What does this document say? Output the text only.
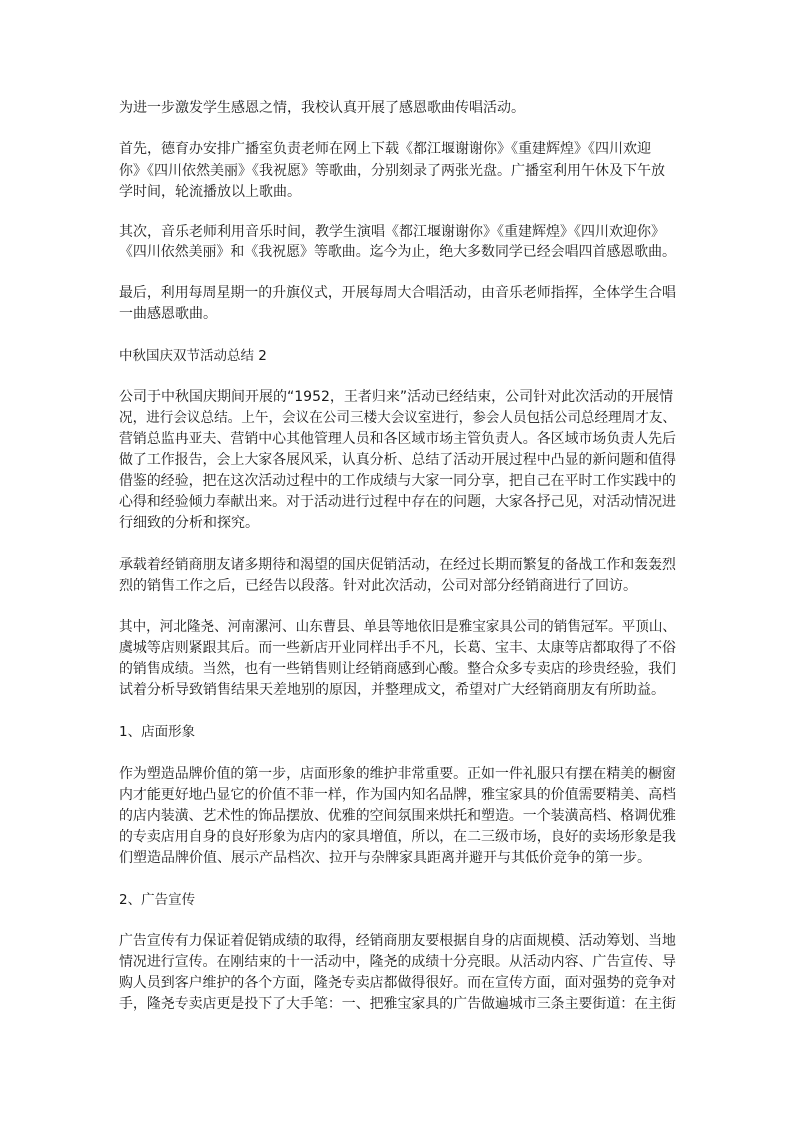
为进一步激发学生感恩之情，我校认真开展了感恩歌曲传唱活动。
首先，德育办安排广播室负责老师在网上下载《都江堰谢谢你》《重建辉煌》《四川欢迎
你》《四川依然美丽》《我祝愿》等歌曲，分别刻录了两张光盘。广播室利用午休及下午放
学时间，轮流播放以上歌曲。
其次，音乐老师利用音乐时间，教学生演唱《都江堰谢谢你》《重建辉煌》《四川欢迎你》
《四川依然美丽》和《我祝愿》等歌曲。迄今为止，绝大多数同学已经会唱四首感恩歌曲。
最后，利用每周星期一的升旗仪式，开展每周大合唱活动，由音乐老师指挥，全体学生合唱
一曲感恩歌曲。
中秋国庆双节活动总结 2
公司于中秋国庆期间开展的“1952，王者归来”活动已经结束，公司针对此次活动的开展情
况，进行会议总结。上午，会议在公司三楼大会议室进行，参会人员包括公司总经理周才友、
营销总监冉亚夫、营销中心其他管理人员和各区域市场主管负责人。各区域市场负责人先后
做了工作报告，会上大家各展风采，认真分析、总结了活动开展过程中凸显的新问题和值得
借鉴的经验，把在这次活动过程中的工作成绩与大家一同分享，把自己在平时工作实践中的
心得和经验倾力奉献出来。对于活动进行过程中存在的问题，大家各抒己见，对活动情况进
行细致的分析和探究。
承载着经销商朋友诸多期待和渴望的国庆促销活动，在经过长期而繁复的备战工作和轰轰烈
烈的销售工作之后，已经告以段落。针对此次活动，公司对部分经销商进行了回访。
其中，河北隆尧、河南漯河、山东曹县、单县等地依旧是雅宝家具公司的销售冠军。平顶山、
虞城等店则紧跟其后。而一些新店开业同样出手不凡，长葛、宝丰、太康等店都取得了不俗
的销售成绩。当然，也有一些销售则让经销商感到心酸。整合众多专卖店的珍贵经验，我们
试着分析导致销售结果天差地别的原因，并整理成文，希望对广大经销商朋友有所助益。
1、店面形象
作为塑造品牌价值的第一步，店面形象的维护非常重要。正如一件礼服只有摆在精美的橱窗
内才能更好地凸显它的价值不菲一样，作为国内知名品牌，雅宝家具的价值需要精美、高档
的店内装潢、艺术性的饰品摆放、优雅的空间氛围来烘托和塑造。一个装潢高档、格调优雅
的专卖店用自身的良好形象为店内的家具增值，所以，在二三级市场，良好的卖场形象是我
们塑造品牌价值、展示产品档次、拉开与杂牌家具距离并避开与其低价竞争的第一步。
2、广告宣传
广告宣传有力保证着促销成绩的取得，经销商朋友要根据自身的店面规模、活动筹划、当地
情况进行宣传。在刚结束的十一活动中，隆尧的成绩十分亮眼。从活动内容、广告宣传、导
购人员到客户维护的各个方面，隆尧专卖店都做得很好。而在宣传方面，面对强势的竞争对
手，隆尧专卖店更是投下了大手笔：一、把雅宝家具的广告做遍城市三条主要街道：在主街
